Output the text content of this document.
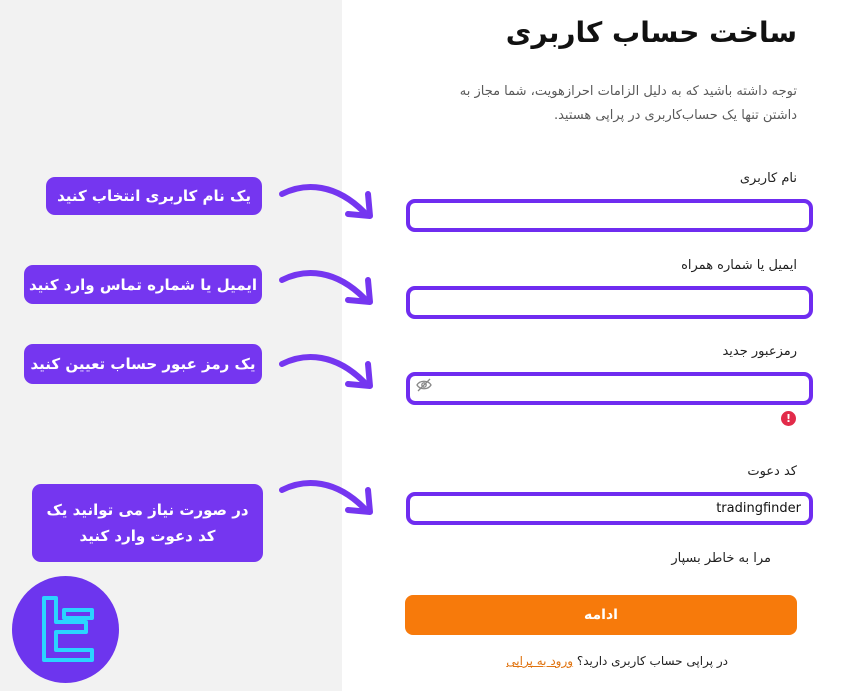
ساخت حساب کاربری
توجه داشته باشید که به دلیل الزامات احرازهویت، شما مجاز به داشتن تنها یک حساب‌کاربری در پراپی هستید.
نام کاربری
ایمیل یا شماره همراه
رمزعبور جدید
!
کد دعوت
tradingfinder
مرا به خاطر بسپار
ادامه
در پراپی حساب کاربری دارید؟ ورود به پراپی
یک نام کاربری انتخاب کنید
ایمیل یا شماره تماس وارد کنید
یک رمز عبور حساب تعیین کنید
در صورت نیاز می توانید یک
کد دعوت وارد کنید
